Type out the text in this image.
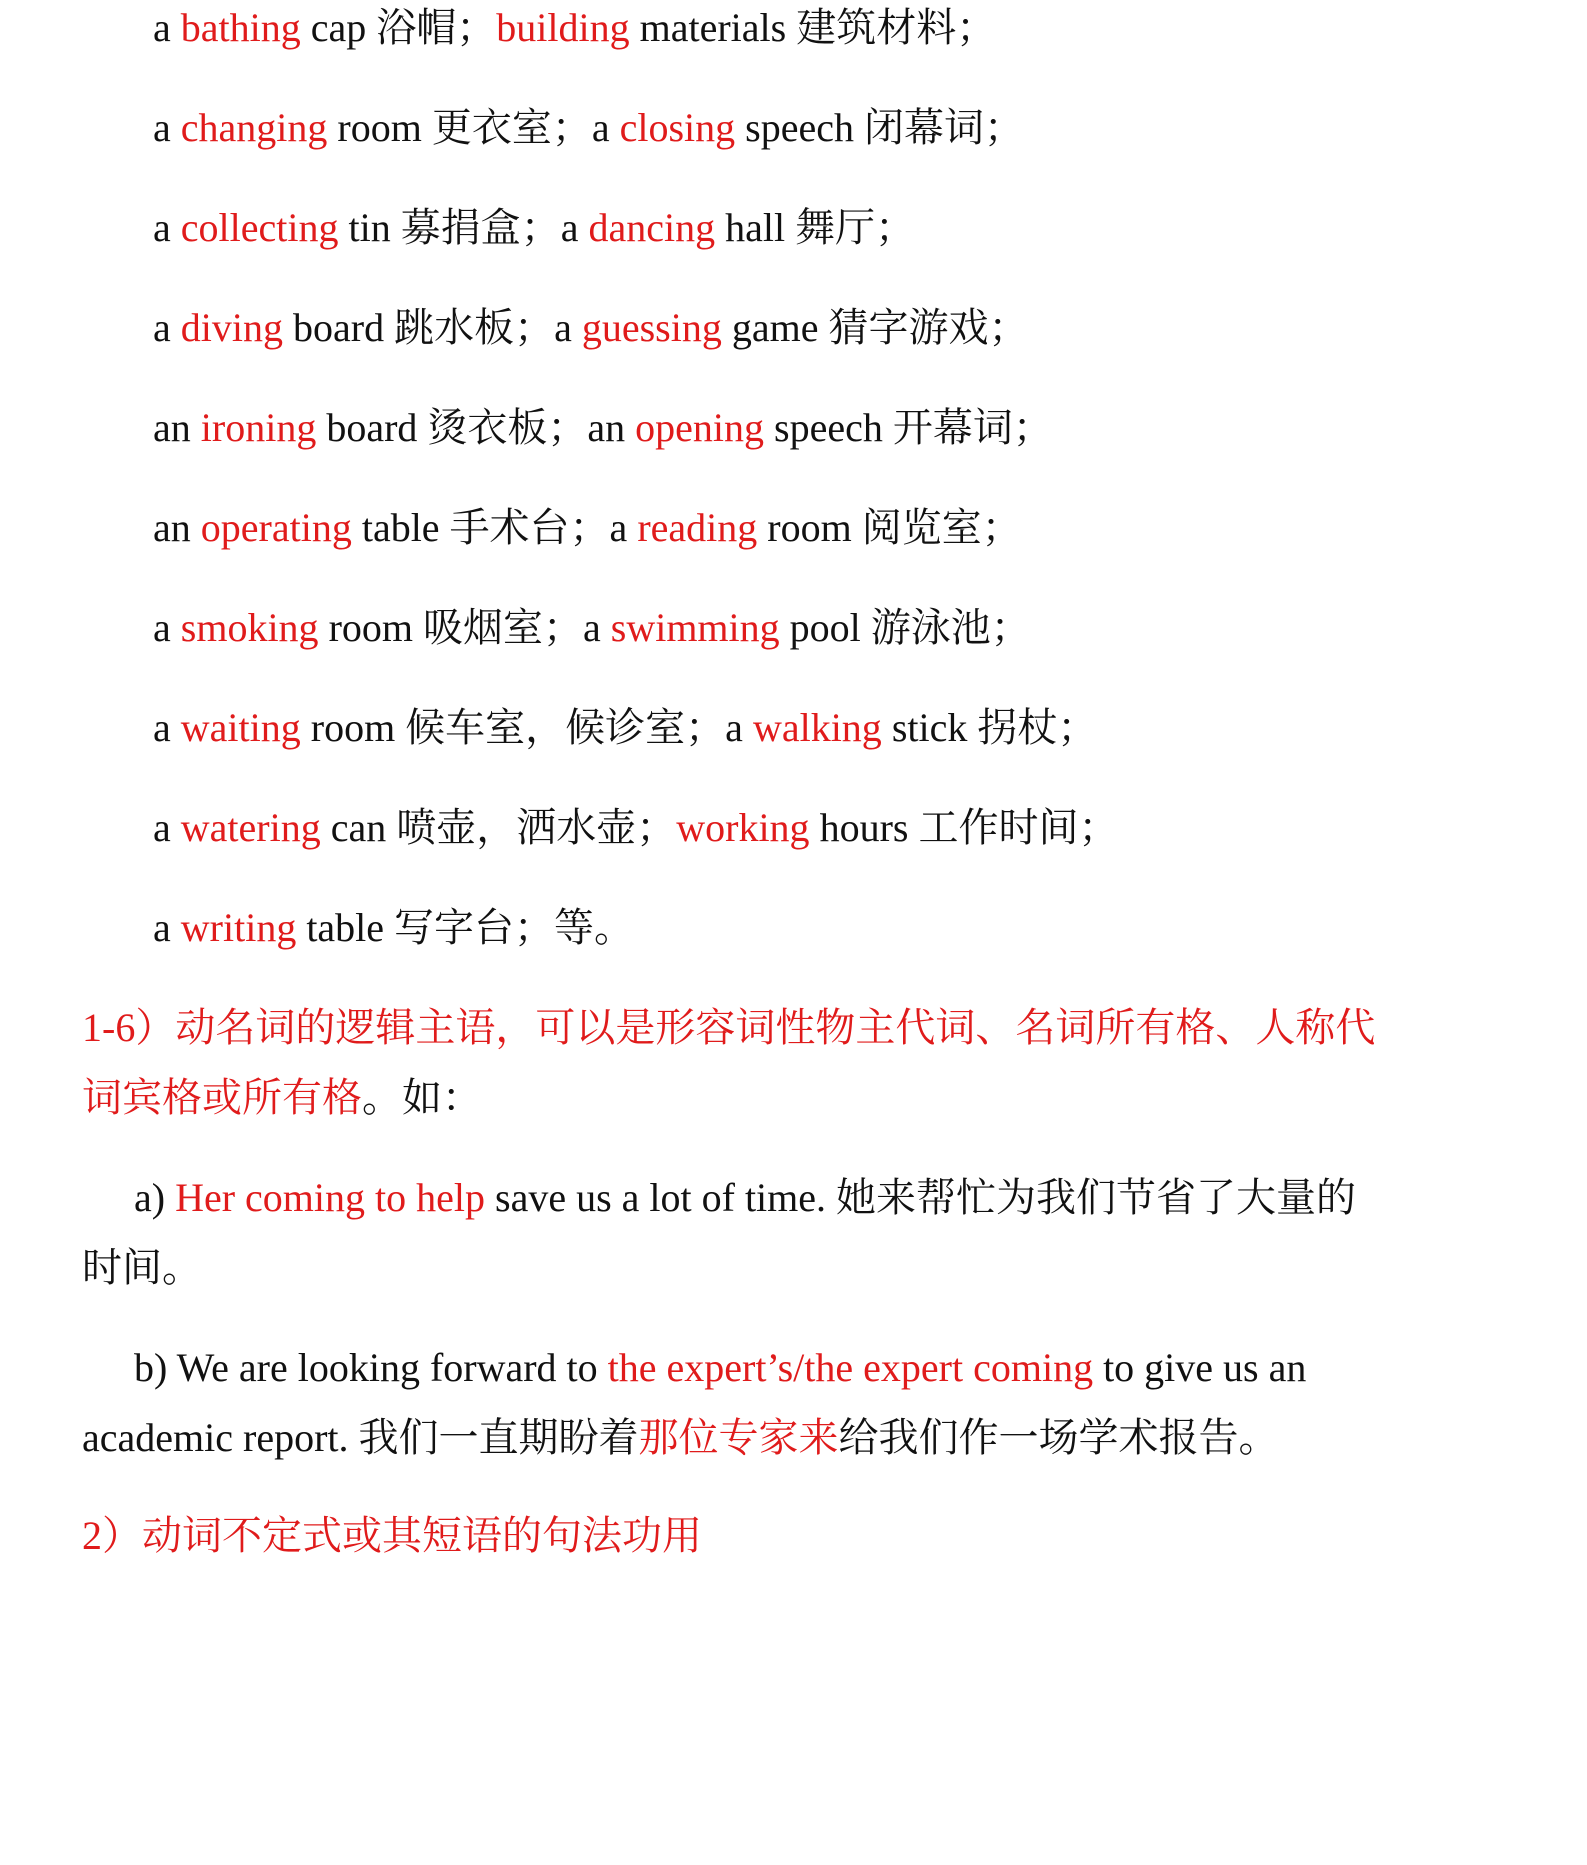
a bathing cap 浴帽；building materials 建筑材料；
a changing room 更衣室；a closing speech 闭幕词；
a collecting tin 募捐盒；a dancing hall 舞厅；
a diving board 跳水板；a guessing game 猜字游戏；
an ironing board 烫衣板；an opening speech 开幕词；
an operating table 手术台；a reading room 阅览室；
a smoking room 吸烟室；a swimming pool 游泳池；
a waiting room 候车室，候诊室；a walking stick 拐杖；
a watering can 喷壶，洒水壶；working hours 工作时间；
a writing table 写字台；等。
1-6）动名词的逻辑主语，可以是形容词性物主代词、名词所有格、人称代
词宾格或所有格。如：
a) Her coming to help save us a lot of time. 她来帮忙为我们节省了大量的
时间。
b) We are looking forward to the expert’s/the expert coming to give us an
academic report. 我们一直期盼着那位专家来给我们作一场学术报告。
2）动词不定式或其短语的句法功用
